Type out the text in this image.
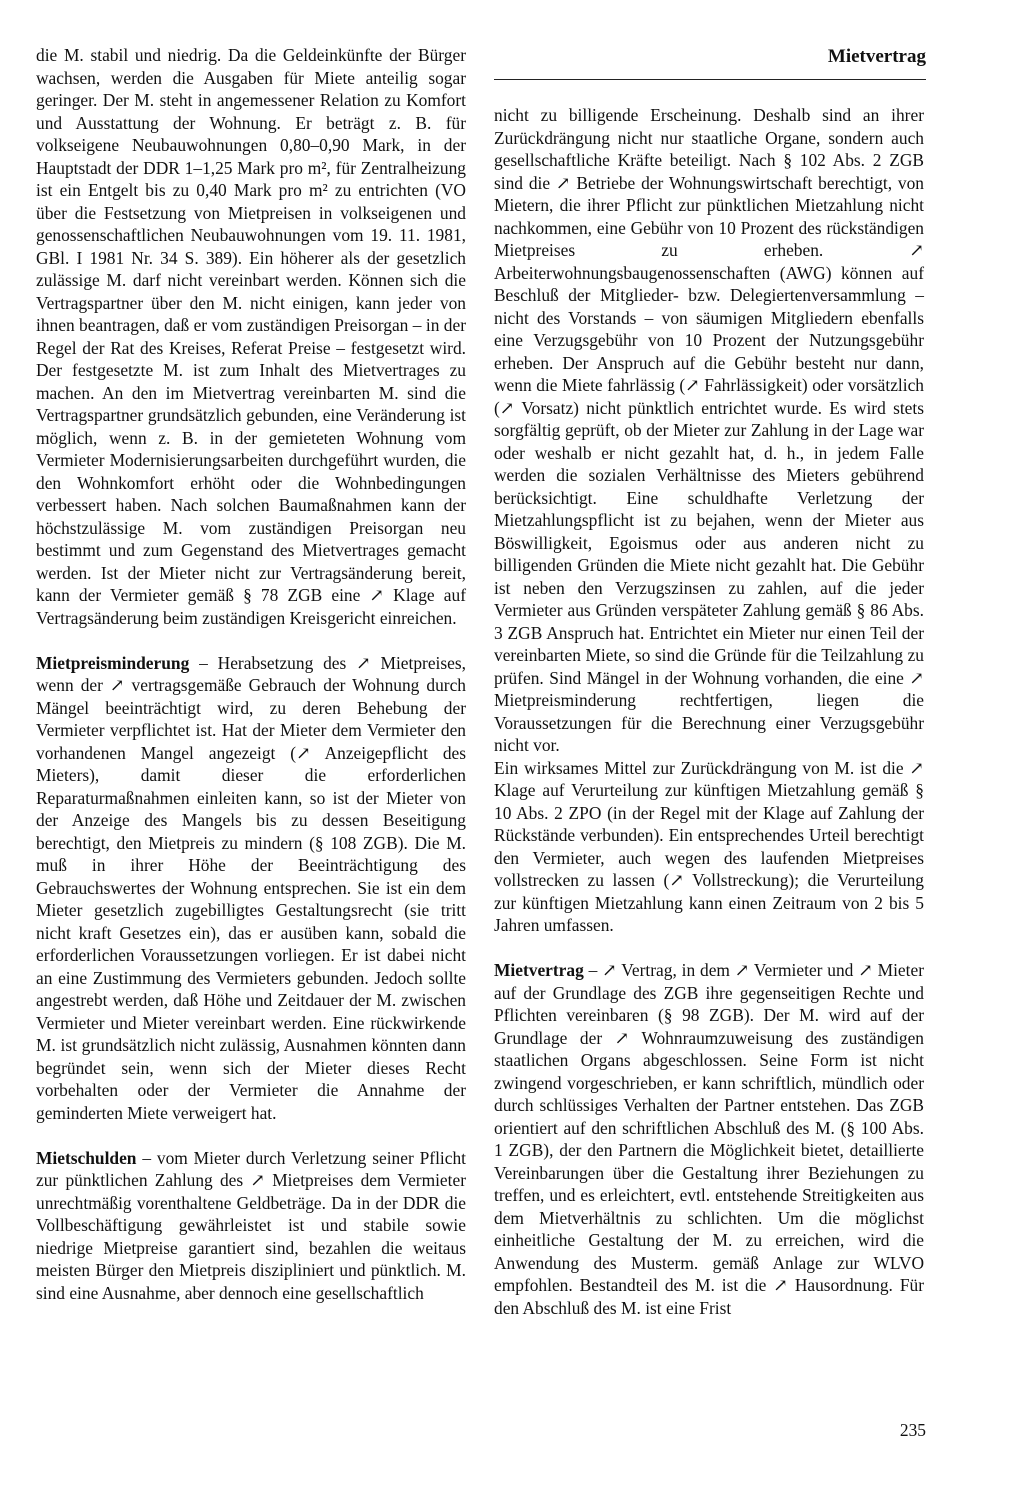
Mietvertrag

die M. stabil und niedrig. Da die Geldeinkünfte der Bürger wachsen, werden die Ausgaben für Miete anteilig sogar geringer. Der M. steht in angemessener Relation zu Komfort und Ausstattung der Wohnung. Er beträgt z. B. für volkseigene Neubauwohnungen 0,80–0,90 Mark, in der Hauptstadt der DDR 1–1,25 Mark pro m², für Zentralheizung ist ein Entgelt bis zu 0,40 Mark pro m² zu entrichten (VO über die Festsetzung von Mietpreisen in volkseigenen und genossenschaftlichen Neubauwohnungen vom 19. 11. 1981, GBl. I 1981 Nr. 34 S. 389). Ein höherer als der gesetzlich zulässige M. darf nicht vereinbart werden. Können sich die Vertragspartner über den M. nicht einigen, kann jeder von ihnen beantragen, daß er vom zuständigen Preisorgan – in der Regel der Rat des Kreises, Referat Preise – festgesetzt wird. Der festgesetzte M. ist zum Inhalt des Mietvertrages zu machen. An den im Mietvertrag vereinbarten M. sind die Vertragspartner grundsätzlich gebunden, eine Veränderung ist möglich, wenn z. B. in der gemieteten Wohnung vom Vermieter Modernisierungsarbeiten durchgeführt wurden, die den Wohnkomfort erhöht oder die Wohnbedingungen verbessert haben. Nach solchen Baumaßnahmen kann der höchstzulässige M. vom zuständigen Preisorgan neu bestimmt und zum Gegenstand des Mietvertrages gemacht werden. Ist der Mieter nicht zur Vertragsänderung bereit, kann der Vermieter gemäß § 78 ZGB eine ↗ Klage auf Vertragsänderung beim zuständigen Kreisgericht einreichen.

Mietpreisminderung – Herabsetzung des ↗ Mietpreises, wenn der ↗ vertragsgemäße Gebrauch der Wohnung durch Mängel beeinträchtigt wird, zu deren Behebung der Vermieter verpflichtet ist. Hat der Mieter dem Vermieter den vorhandenen Mangel angezeigt (↗ Anzeigepflicht des Mieters), damit dieser die erforderlichen Reparaturmaßnahmen einleiten kann, so ist der Mieter von der Anzeige des Mangels bis zu dessen Beseitigung berechtigt, den Mietpreis zu mindern (§ 108 ZGB). Die M. muß in ihrer Höhe der Beeinträchtigung des Gebrauchswertes der Wohnung entsprechen. Sie ist ein dem Mieter gesetzlich zugebilligtes Gestaltungsrecht (sie tritt nicht kraft Gesetzes ein), das er ausüben kann, sobald die erforderlichen Voraussetzungen vorliegen. Er ist dabei nicht an eine Zustimmung des Vermieters gebunden. Jedoch sollte angestrebt werden, daß Höhe und Zeitdauer der M. zwischen Vermieter und Mieter vereinbart werden. Eine rückwirkende M. ist grundsätzlich nicht zulässig, Ausnahmen könnten dann begründet sein, wenn sich der Mieter dieses Recht vorbehalten oder der Vermieter die Annahme der geminderten Miete verweigert hat.

Mietschulden – vom Mieter durch Verletzung seiner Pflicht zur pünktlichen Zahlung des ↗ Mietpreises dem Vermieter unrechtmäßig vorenthaltene Geldbeträge. Da in der DDR die Vollbeschäftigung gewährleistet ist und stabile sowie niedrige Mietpreise garantiert sind, bezahlen die weitaus meisten Bürger den Mietpreis diszipliniert und pünktlich. M. sind eine Ausnahme, aber dennoch eine gesellschaftlich

nicht zu billigende Erscheinung. Deshalb sind an ihrer Zurückdrängung nicht nur staatliche Organe, sondern auch gesellschaftliche Kräfte beteiligt. Nach § 102 Abs. 2 ZGB sind die ↗ Betriebe der Wohnungswirtschaft berechtigt, von Mietern, die ihrer Pflicht zur pünktlichen Mietzahlung nicht nachkommen, eine Gebühr von 10 Prozent des rückständigen Mietpreises zu erheben. ↗ Arbeiterwohnungsbaugenossenschaften (AWG) können auf Beschluß der Mitglieder- bzw. Delegiertenversammlung – nicht des Vorstands – von säumigen Mitgliedern ebenfalls eine Verzugsgebühr von 10 Prozent der Nutzungsgebühr erheben. Der Anspruch auf die Gebühr besteht nur dann, wenn die Miete fahrlässig (↗ Fahrlässigkeit) oder vorsätzlich (↗ Vorsatz) nicht pünktlich entrichtet wurde. Es wird stets sorgfältig geprüft, ob der Mieter zur Zahlung in der Lage war oder weshalb er nicht gezahlt hat, d. h., in jedem Falle werden die sozialen Verhältnisse des Mieters gebührend berücksichtigt. Eine schuldhafte Verletzung der Mietzahlungspflicht ist zu bejahen, wenn der Mieter aus Böswilligkeit, Egoismus oder aus anderen nicht zu billigenden Gründen die Miete nicht gezahlt hat. Die Gebühr ist neben den Verzugszinsen zu zahlen, auf die jeder Vermieter aus Gründen verspäteter Zahlung gemäß § 86 Abs. 3 ZGB Anspruch hat. Entrichtet ein Mieter nur einen Teil der vereinbarten Miete, so sind die Gründe für die Teilzahlung zu prüfen. Sind Mängel in der Wohnung vorhanden, die eine ↗ Mietpreisminderung rechtfertigen, liegen die Voraussetzungen für die Berechnung einer Verzugsgebühr nicht vor.

Ein wirksames Mittel zur Zurückdrängung von M. ist die ↗ Klage auf Verurteilung zur künftigen Mietzahlung gemäß § 10 Abs. 2 ZPO (in der Regel mit der Klage auf Zahlung der Rückstände verbunden). Ein entsprechendes Urteil berechtigt den Vermieter, auch wegen des laufenden Mietpreises vollstrecken zu lassen (↗ Vollstreckung); die Verurteilung zur künftigen Mietzahlung kann einen Zeitraum von 2 bis 5 Jahren umfassen.

Mietvertrag – ↗ Vertrag, in dem ↗ Vermieter und ↗ Mieter auf der Grundlage des ZGB ihre gegenseitigen Rechte und Pflichten vereinbaren (§ 98 ZGB). Der M. wird auf der Grundlage der ↗ Wohnraumzuweisung des zuständigen staatlichen Organs abgeschlossen. Seine Form ist nicht zwingend vorgeschrieben, er kann schriftlich, mündlich oder durch schlüssiges Verhalten der Partner entstehen. Das ZGB orientiert auf den schriftlichen Abschluß des M. (§ 100 Abs. 1 ZGB), der den Partnern die Möglichkeit bietet, detaillierte Vereinbarungen über die Gestaltung ihrer Beziehungen zu treffen, und es erleichtert, evtl. entstehende Streitigkeiten aus dem Mietverhältnis zu schlichten. Um die möglichst einheitliche Gestaltung der M. zu erreichen, wird die Anwendung des Musterm. gemäß Anlage zur WLVO empfohlen. Bestandteil des M. ist die ↗ Hausordnung. Für den Abschluß des M. ist eine Frist

235
